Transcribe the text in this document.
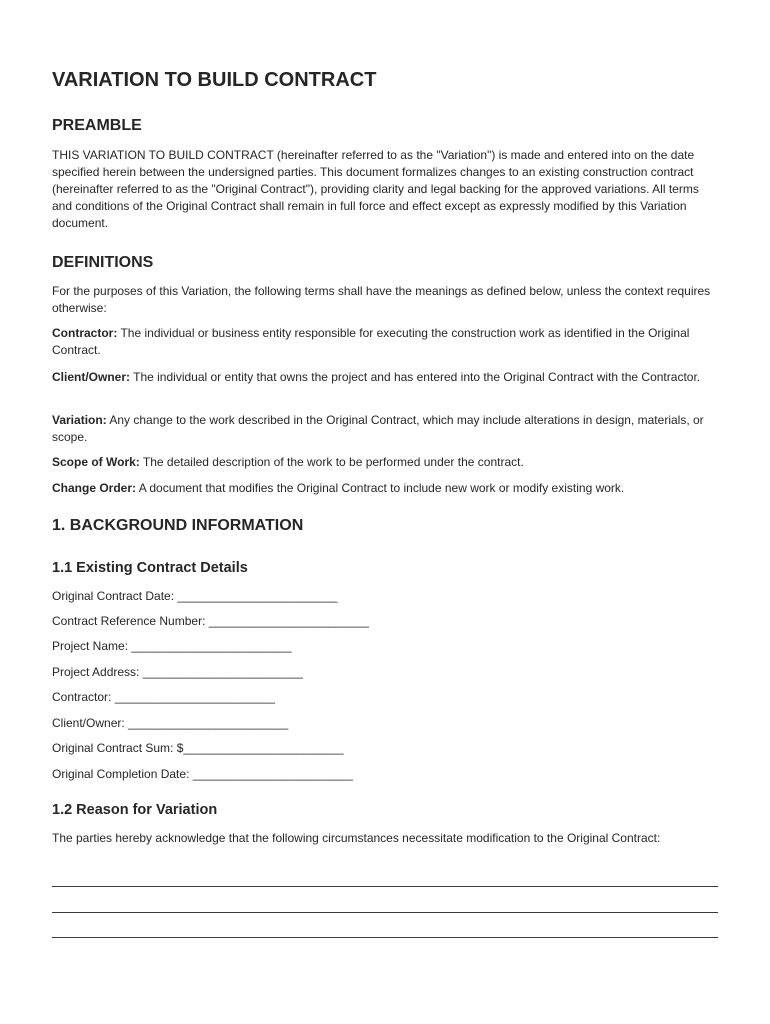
VARIATION TO BUILD CONTRACT
PREAMBLE

THIS VARIATION TO BUILD CONTRACT (hereinafter referred to as the "Variation") is made and entered into on the date specified herein between the undersigned parties. This document formalizes changes to an existing construction contract (hereinafter referred to as the "Original Contract"), providing clarity and legal backing for the approved variations. All terms and conditions of the Original Contract shall remain in full force and effect except as expressly modified by this Variation document.

DEFINITIONS

For the purposes of this Variation, the following terms shall have the meanings as defined below, unless the context requires otherwise:

Contractor: The individual or business entity responsible for executing the construction work as identified in the Original Contract.

Client/Owner: The individual or entity that owns the project and has entered into the Original Contract with the Contractor.

Variation: Any change to the work described in the Original Contract, which may include alterations in design, materials, or scope.

Scope of Work: The detailed description of the work to be performed under the contract.

Change Order: A document that modifies the Original Contract to include new work or modify existing work.

1. BACKGROUND INFORMATION
1.1 Existing Contract Details

Original Contract Date: ________________________

Contract Reference Number: ________________________

Project Name: ________________________

Project Address: ________________________

Contractor: ________________________

Client/Owner: ________________________

Original Contract Sum: $________________________

Original Completion Date: ________________________

1.2 Reason for Variation

The parties hereby acknowledge that the following circumstances necessitate modification to the Original Contract:
